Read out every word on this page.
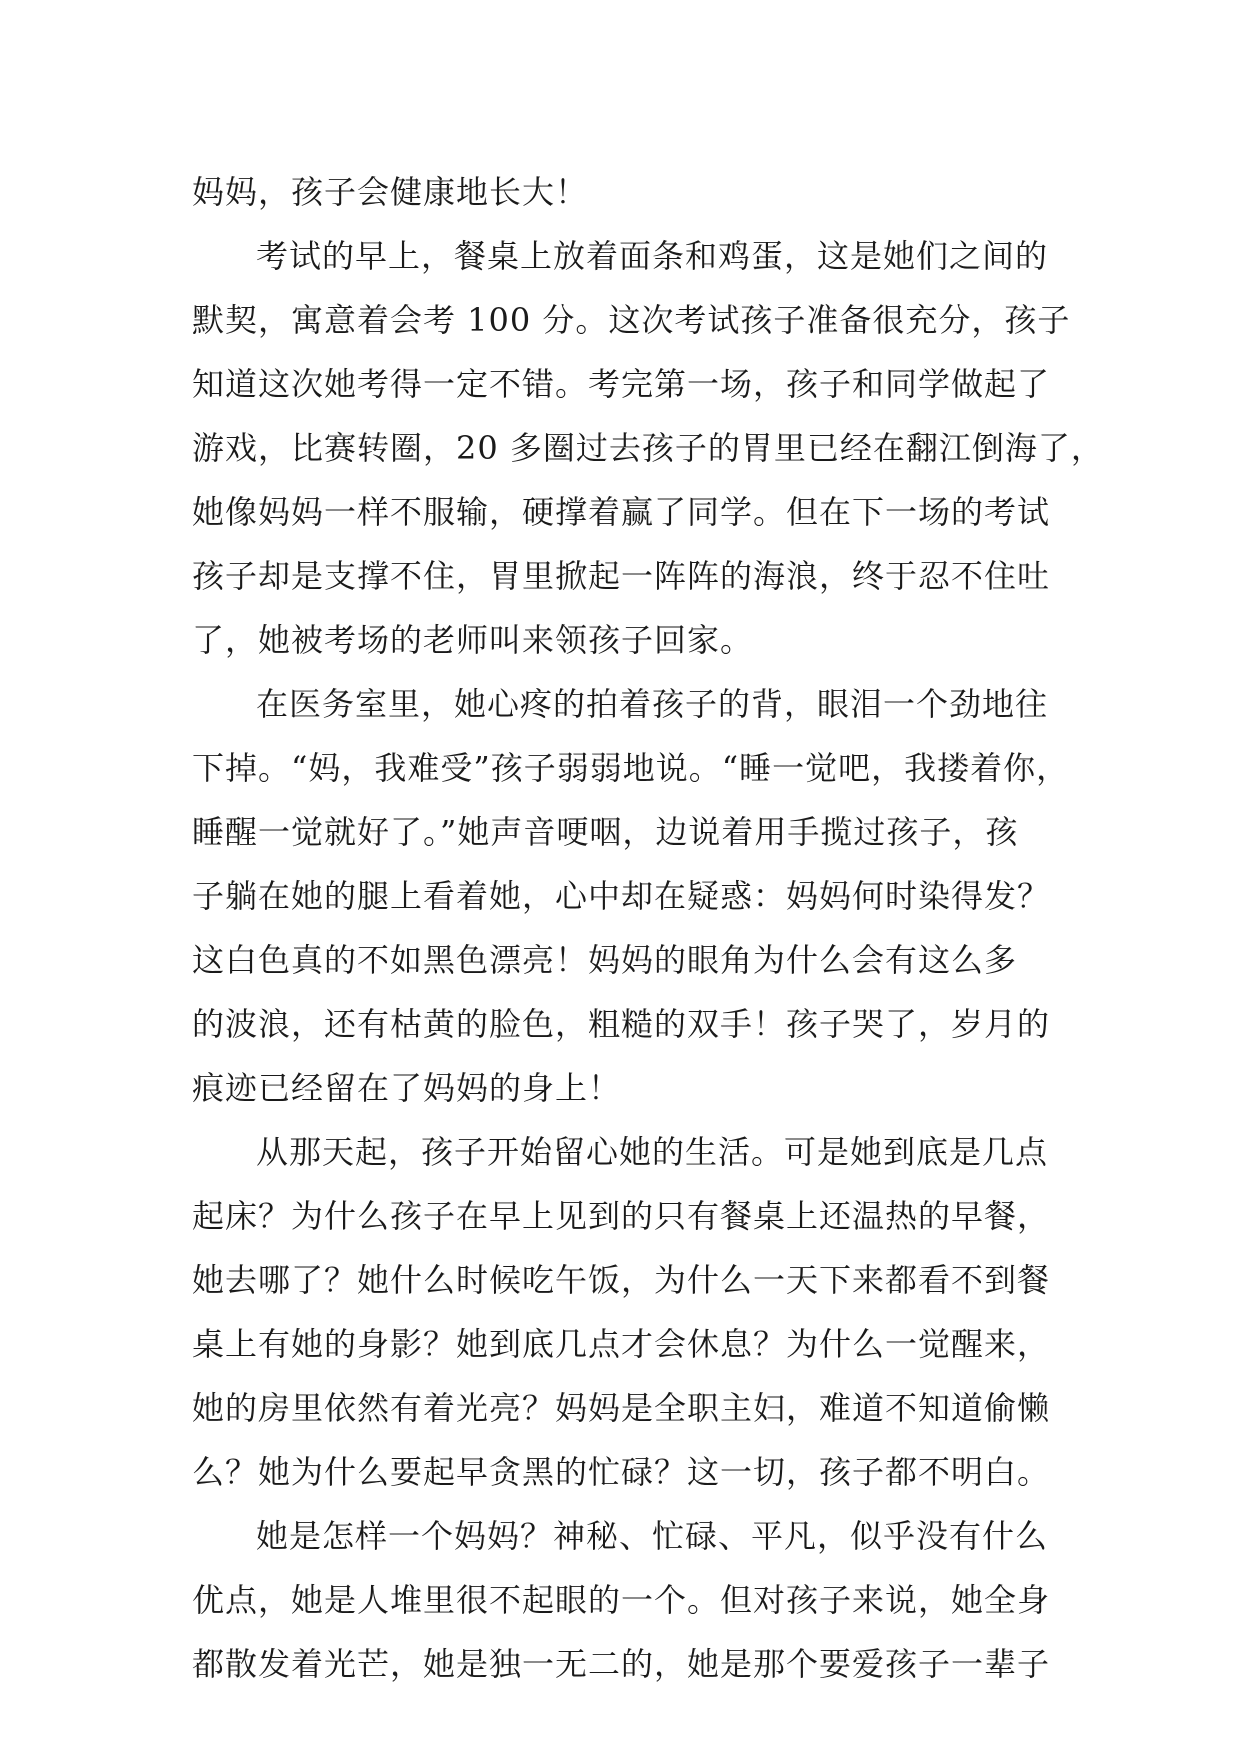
妈妈，孩子会健康地长大！
考试的早上，餐桌上放着面条和鸡蛋，这是她们之间的
默契，寓意着会考 100 分。这次考试孩子准备很充分，孩子
知道这次她考得一定不错。考完第一场，孩子和同学做起了
游戏，比赛转圈，20 多圈过去孩子的胃里已经在翻江倒海了，
她像妈妈一样不服输，硬撑着赢了同学。但在下一场的考试
孩子却是支撑不住，胃里掀起一阵阵的海浪，终于忍不住吐
了，她被考场的老师叫来领孩子回家。
在医务室里，她心疼的拍着孩子的背，眼泪一个劲地往
下掉。“妈，我难受”孩子弱弱地说。“睡一觉吧，我搂着你，
睡醒一觉就好了。”她声音哽咽，边说着用手揽过孩子，孩
子躺在她的腿上看着她，心中却在疑惑：妈妈何时染得发？
这白色真的不如黑色漂亮！妈妈的眼角为什么会有这么多
的波浪，还有枯黄的脸色，粗糙的双手！孩子哭了，岁月的
痕迹已经留在了妈妈的身上！
从那天起，孩子开始留心她的生活。可是她到底是几点
起床？为什么孩子在早上见到的只有餐桌上还温热的早餐，
她去哪了？她什么时候吃午饭，为什么一天下来都看不到餐
桌上有她的身影？她到底几点才会休息？为什么一觉醒来，
她的房里依然有着光亮？妈妈是全职主妇，难道不知道偷懒
么？她为什么要起早贪黑的忙碌？这一切，孩子都不明白。
她是怎样一个妈妈？神秘、忙碌、平凡，似乎没有什么
优点，她是人堆里很不起眼的一个。但对孩子来说，她全身
都散发着光芒，她是独一无二的，她是那个要爱孩子一辈子
